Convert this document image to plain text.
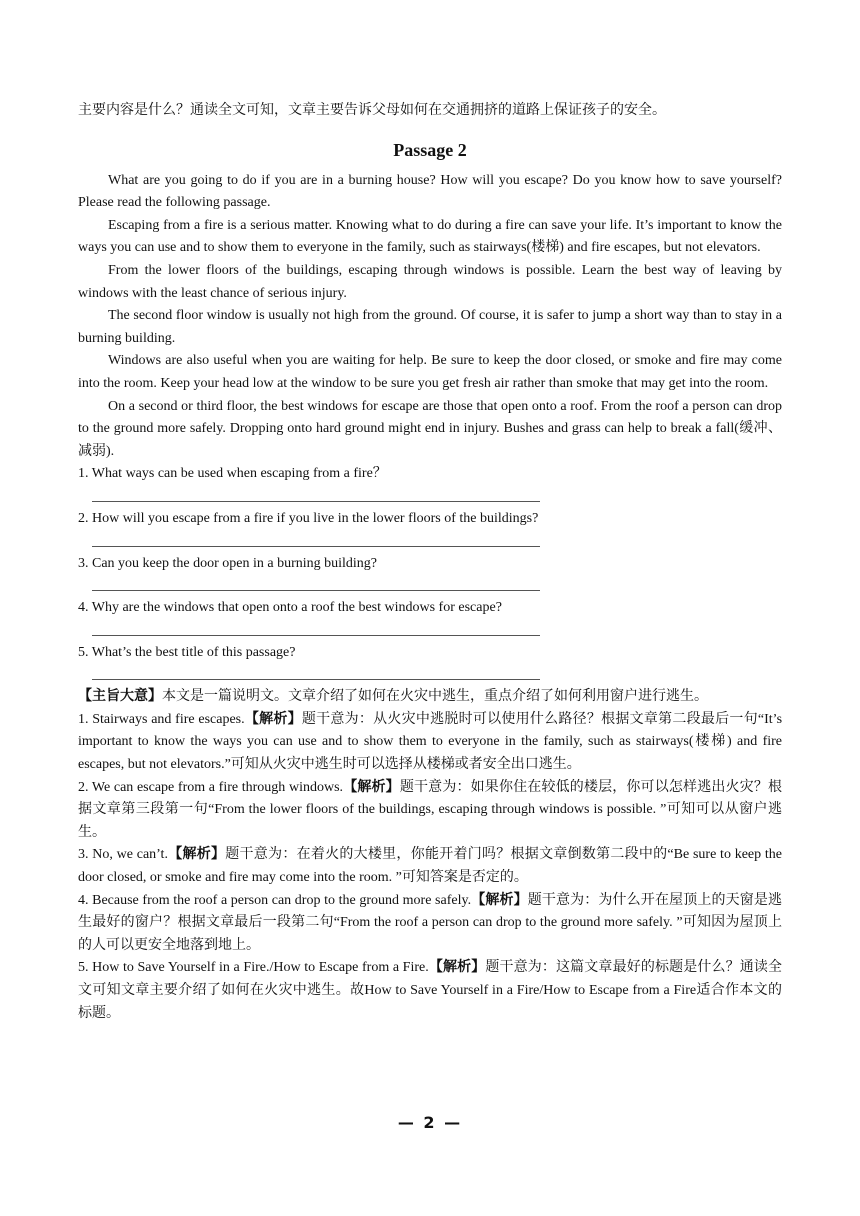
主要内容是什么？通读全文可知，文章主要告诉父母如何在交通拥挤的道路上保证孩子的安全。

Passage 2

What are you going to do if you are in a burning house? How will you escape? Do you know how to save yourself? Please read the following passage.

Escaping from a fire is a serious matter. Knowing what to do during a fire can save your life. It’s important to know the ways you can use and to show them to everyone in the family, such as stairways(楼梯) and fire escapes, but not elevators.

From the lower floors of the buildings, escaping through windows is possible. Learn the best way of leaving by windows with the least chance of serious injury.

The second floor window is usually not high from the ground. Of course, it is safer to jump a short way than to stay in a burning building.

Windows are also useful when you are waiting for help. Be sure to keep the door closed, or smoke and fire may come into the room. Keep your head low at the window to be sure you get fresh air rather than smoke that may get into the room.

On a second or third floor, the best windows for escape are those that open onto a roof. From the roof a person can drop to the ground more safely. Dropping onto hard ground might end in injury. Bushes and grass can help to break a fall(缓冲、减弱).

1. What ways can be used when escaping from a fire？

2. How will you escape from a fire if you live in the lower floors of the buildings?

3. Can you keep the door open in a burning building?

4. Why are the windows that open onto a roof the best windows for escape?

5. What’s the best title of this passage?

【主旨大意】本文是一篇说明文。文章介绍了如何在火灾中逃生，重点介绍了如何利用窗户进行逃生。

1. Stairways and fire escapes.【解析】题干意为：从火灾中逃脱时可以使用什么路径？根据文章第二段最后一句“It’s important to know the ways you can use and to show them to everyone in the family, such as stairways(楼梯) and fire escapes, but not elevators.”可知从火灾中逃生时可以选择从楼梯或者安全出口逃生。

2. We can escape from a fire through windows.【解析】题干意为：如果你住在较低的楼层，你可以怎样逃出火灾？根据文章第三段第一句“From the lower floors of the buildings, escaping through windows is possible. ”可知可以从窗户逃生。

3. No, we can’t.【解析】题干意为：在着火的大楼里，你能开着门吗？根据文章倒数第二段中的“Be sure to keep the door closed, or smoke and fire may come into the room. ”可知答案是否定的。

4. Because from the roof a person can drop to the ground more safely.【解析】题干意为：为什么开在屋顶上的天窗是逃生最好的窗户？根据文章最后一段第二句“From the roof a person can drop to the ground more safely. ”可知因为屋顶上的人可以更安全地落到地上。

5. How to Save Yourself in a Fire./How to Escape from a Fire.【解析】题干意为：这篇文章最好的标题是什么？通读全文可知文章主要介绍了如何在火灾中逃生。故How to Save Yourself in a Fire/How to Escape from a Fire适合作本文的标题。

— 2 —
